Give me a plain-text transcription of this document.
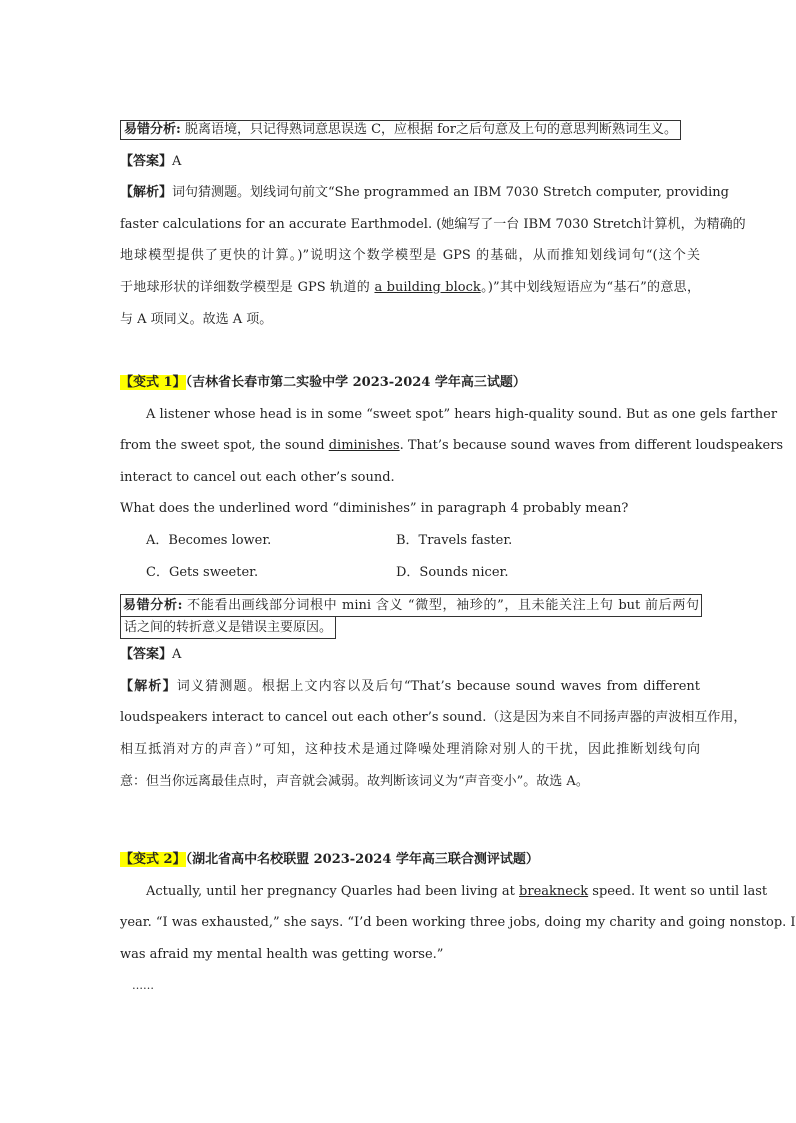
易错分析: 脱离语境，只记得熟词意思误选 C，应根据 for之后句意及上句的意思判断熟词生义。
【答案】A
【解析】词句猜测题。划线词句前文“She programmed an IBM 7030 Stretch computer, providing
faster calculations for an accurate Earthmodel. (她编写了一台 IBM 7030 Stretch计算机，为精确的
地球模型提供了更快的计算。)”说明这个数学模型是 GPS 的基础，从而推知划线词句“(这个关
于地球形状的详细数学模型是 GPS 轨道的 a building block。)”其中划线短语应为“基石”的意思，
与 A 项同义。故选 A 项。
【变式 1】（吉林省长春市第二实验中学 2023-2024 学年高三试题）
A listener whose head is in some “sweet spot” hears high-quality sound. But as one gels farther
from the sweet spot, the sound diminishes. That’s because sound waves from different loudspeakers
interact to cancel out each other’s sound.
What does the underlined word “diminishes” in paragraph 4 probably mean?
A．Becomes lower.	B．Travels faster.
C．Gets sweeter.	D．Sounds nicer.
易错分析: 不能看出画线部分词根中 mini 含义 “微型，袖珍的”，且未能关注上句 but 前后两句
话之间的转折意义是错误主要原因。
【答案】A
【解析】词义猜测题。根据上文内容以及后句“That’s because sound waves from different
loudspeakers interact to cancel out each other’s sound.（这是因为来自不同扬声器的声波相互作用，
相互抵消对方的声音）”可知，这种技术是通过降噪处理消除对别人的干扰，因此推断划线句向
意：但当你远离最佳点时，声音就会减弱。故判断该词义为“声音变小”。故选 A。
【变式 2】（湖北省高中名校联盟 2023-2024 学年高三联合测评试题）
Actually, until her pregnancy Quarles had been living at breakneck speed. It went so until last
year. “I was exhausted,” she says. “I’d been working three jobs, doing my charity and going nonstop. I
was afraid my mental health was getting worse.”
……
